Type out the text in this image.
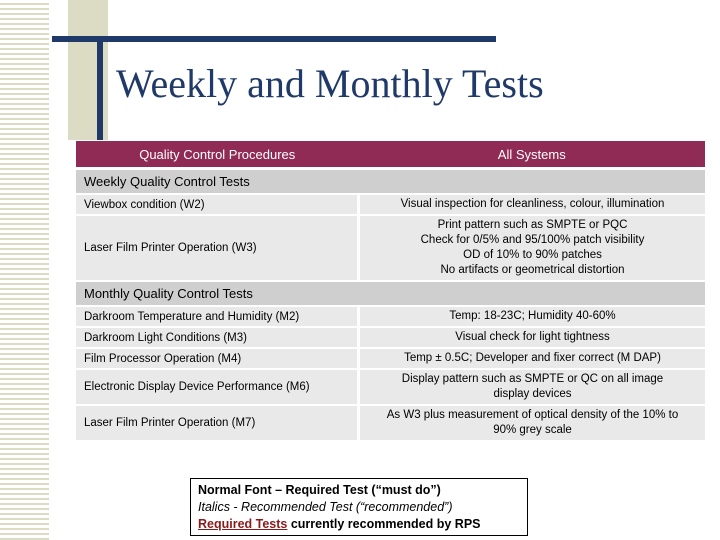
Weekly and Monthly Tests
Quality Control Procedures	All Systems
Weekly Quality Control Tests	
Viewbox condition (W2)	Visual inspection for cleanliness, colour, illumination

Laser Film Printer Operation (W3)	Print pattern such as SMPTE or PQC
Check for 0/5% and 95/100% patch visibility
OD of 10% to 90% patches
No artifacts or geometrical distortion

Monthly Quality Control Tests	
Darkroom Temperature and Humidity (M2)	Temp: 18-23C; Humidity 40-60%

Darkroom Light Conditions (M3)	Visual check for light tightness

Film Processor Operation (M4)	Temp ± 0.5C; Developer and fixer correct (M DAP)

Electronic Display Device Performance (M6)	Display pattern such as SMPTE or QC on all image
display devices

Laser Film Printer Operation (M7)	As W3 plus measurement of optical density of the 10% to
90% grey scale
Normal Font – Required Test (“must do”)
Italics - Recommended Test (“recommended”)
Required Tests currently recommended by RPS
